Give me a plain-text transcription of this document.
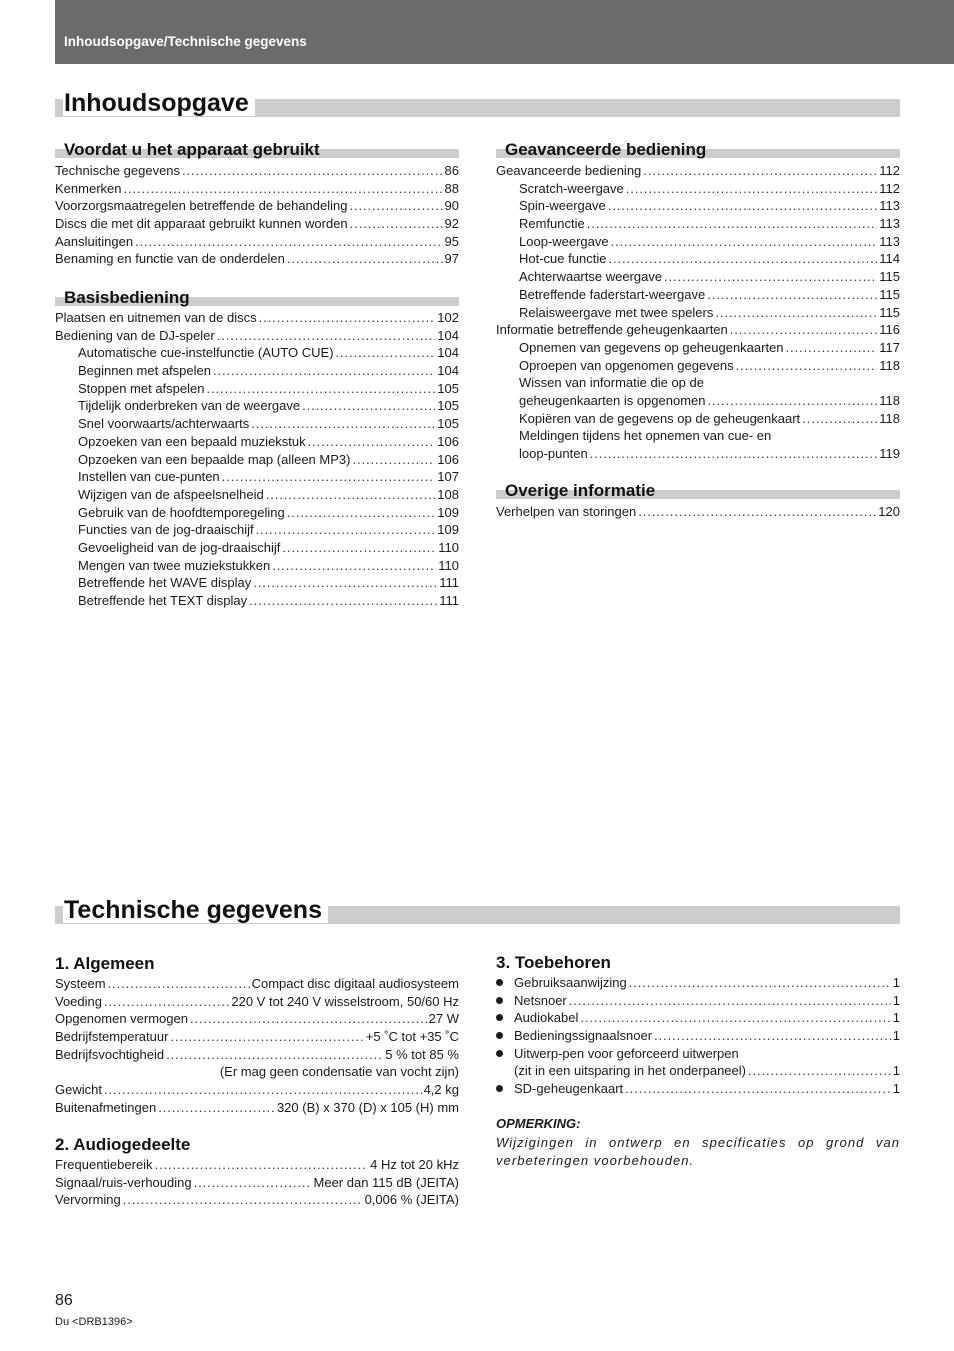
Inhoudsopgave/Technische gegevens
Inhoudsopgave
Voordat u het apparaat gebruikt
Technische gegevens .....	86
Kenmerken .....	88
Voorzorgsmaatregelen betreffende de behandeling .....	90
Discs die met dit apparaat gebruikt kunnen worden .....	92
Aansluitingen .....	95
Benaming en functie van de onderdelen .....	97
Basisbediening
Plaatsen en uitnemen van de discs .....	102
Bediening van de DJ-speler .....	104
Automatische cue-instelfunctie (AUTO CUE) .....	104
Beginnen met afspelen .....	104
Stoppen met afspelen .....	105
Tijdelijk onderbreken van de weergave .....	105
Snel voorwaarts/achterwaarts .....	105
Opzoeken van een bepaald muziekstuk .....	106
Opzoeken van een bepaalde map (alleen MP3) .....	106
Instellen van cue-punten .....	107
Wijzigen van de afspeelsnelheid .....	108
Gebruik van de hoofdtemporegeling .....	109
Functies van de jog-draaischijf .....	109
Gevoeligheid van de jog-draaischijf .....	110
Mengen van twee muziekstukken .....	110
Betreffende het WAVE display .....	111
Betreffende het TEXT display .....	111
Geavanceerde bediening
Geavanceerde bediening .....	112
Scratch-weergave .....	112
Spin-weergave .....	113
Remfunctie .....	113
Loop-weergave .....	113
Hot-cue functie .....	114
Achterwaartse weergave .....	115
Betreffende faderstart-weergave .....	115
Relaisweergave met twee spelers .....	115
Informatie betreffende geheugenkaarten .....	116
Opnemen van gegevens op geheugenkaarten .....	117
Oproepen van opgenomen gegevens .....	118
Wissen van informatie die op de
geheugenkaarten is opgenomen .....	118
Kopiëren van de gegevens op de geheugenkaart .....	118
Meldingen tijdens het opnemen van cue- en
loop-punten .....	119
Overige informatie
Verhelpen van storingen .....	120
Technische gegevens
1. Algemeen
Systeem .....	Compact disc digitaal audiosysteem
Voeding .....	220 V tot 240 V wisselstroom, 50/60 Hz
Opgenomen vermogen .....	27 W
Bedrijfstemperatuur .....	+5 ˚C tot +35 ˚C
Bedrijfsvochtigheid .....	5 % tot 85 %
(Er mag geen condensatie van vocht zijn)
Gewicht .....	4,2 kg
Buitenafmetingen .....	320 (B) x 370 (D) x 105 (H) mm
2. Audiogedeelte
Frequentiebereik .....	4 Hz tot 20 kHz
Signaal/ruis-verhouding .....	Meer dan 115 dB (JEITA)
Vervorming .....	0,006 % (JEITA)
3. Toebehoren
Gebruiksaanwijzing .....	1
Netsnoer .....	1
Audiokabel .....	1
Bedieningssignaalsnoer .....	1
Uitwerp-pen voor geforceerd uitwerpen
(zit in een uitsparing in het onderpaneel) .....	1
SD-geheugenkaart .....	1
OPMERKING:
Wijzigingen in ontwerp en specificaties op grond van verbeteringen voorbehouden.
86
Du <DRB1396>
